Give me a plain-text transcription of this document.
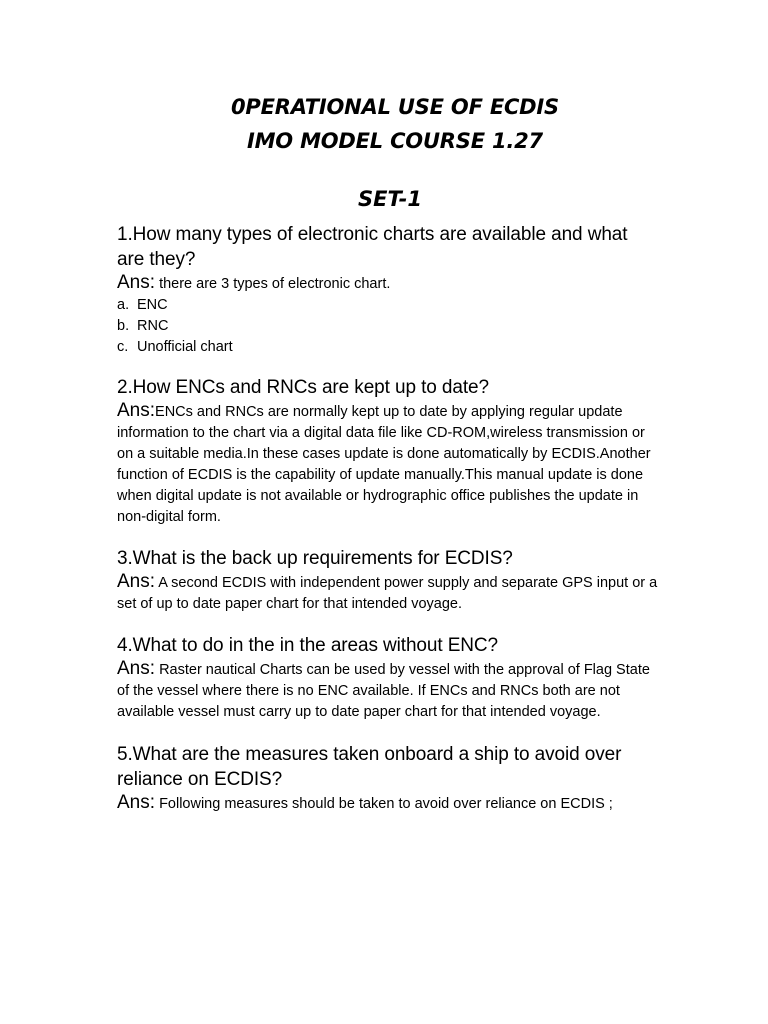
0PERATIONAL USE OF ECDIS

IMO MODEL COURSE 1.27

SET-1

1.How many types of electronic charts are available and what are they?

Ans: there are 3 types of electronic chart.

a. ENC
b. RNC
c. Unofficial chart

2.How ENCs and RNCs are kept up to date?

Ans:ENCs and RNCs are normally kept up to date by applying regular update information to the chart via a digital data file like CD-ROM,wireless transmission or on a suitable media.In these cases update is done automatically by ECDIS.Another function of ECDIS is the capability of update manually.This manual update is done when digital update is not available or hydrographic office publishes the update in non-digital form.

3.What is the back up requirements for ECDIS?

Ans: A second ECDIS with independent power supply and separate GPS input or a set of up to date paper chart for that intended voyage.

4.What to do in the in the areas without ENC?

Ans: Raster nautical Charts can be used by vessel with the approval of Flag State of the vessel where there is no ENC available. If ENCs and RNCs both are not available vessel must carry up to date paper chart for that intended voyage.

5.What are the measures taken onboard a ship to avoid over reliance on ECDIS?

Ans: Following measures should be taken to avoid over reliance on ECDIS ;
